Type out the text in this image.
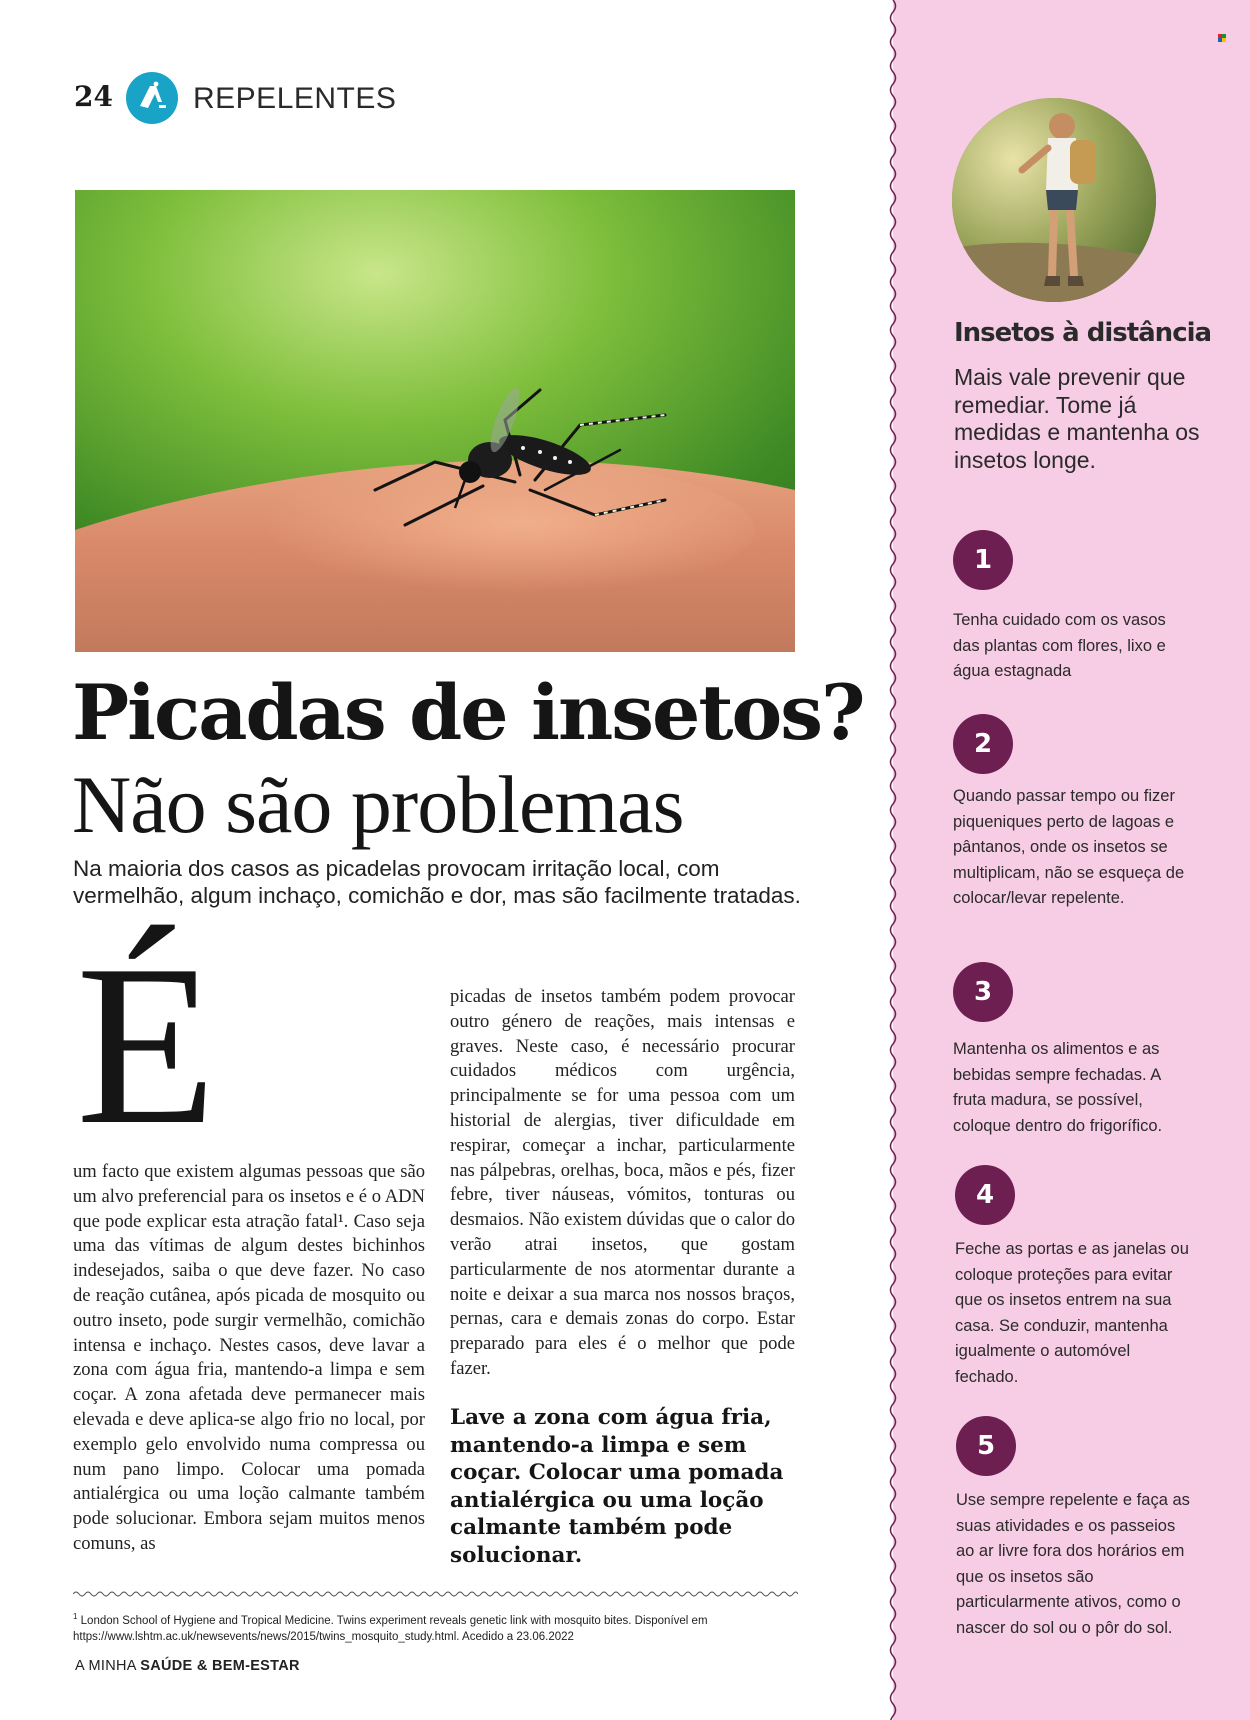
24	REPELENTES
Picadas de insetos?
Não são problemas
Na maioria dos casos as picadelas provocam irritação local, com vermelhão, algum inchaço, comichão e dor, mas são facilmente tratadas.
É

um facto que existem algumas pessoas que são um alvo preferencial para os insetos e é o ADN que pode explicar esta atração fatal¹. Caso seja uma das vítimas de algum destes bichinhos indesejados, saiba o que deve fazer. No caso de reação cutânea, após picada de mosquito ou outro inseto, pode surgir vermelhão, comichão intensa e inchaço. Nestes casos, deve lavar a zona com água fria, mantendo-a limpa e sem coçar. A zona afetada deve permanecer mais elevada e deve aplica-se algo frio no local, por exemplo gelo envolvido numa compressa ou num pano limpo. Colocar uma pomada antialérgica ou uma loção calmante também pode solucionar. Embora sejam muitos menos comuns, as

picadas de insetos também podem provocar outro género de reações, mais intensas e graves. Neste caso, é necessário procurar cuidados médicos com urgência, principalmente se for uma pessoa com um historial de alergias, tiver dificuldade em respirar, começar a inchar, particularmente nas pálpebras, orelhas, boca, mãos e pés, fizer febre, tiver náuseas, vómitos, tonturas ou desmaios. Não existem dúvidas que o calor do verão atrai insetos, que gostam particularmente de nos atormentar durante a noite e deixar a sua marca nos nossos braços, pernas, cara e demais zonas do corpo. Estar preparado para eles é o melhor que pode fazer.

Lave a zona com água fria, mantendo-a limpa e sem coçar. Colocar uma pomada antialérgica ou uma loção calmante também pode solucionar.
$^1$ London School of Hygiene and Tropical Medicine. Twins experiment reveals genetic link with mosquito bites. Disponível em https://www.lshtm.ac.uk/newsevents/news/2015/twins_mosquito_study.html. Acedido a 23.06.2022
A MINHA SAÚDE & BEM-ESTAR
Insetos à distância
Mais vale prevenir que remediar. Tome já medidas e mantenha os insetos longe.
1
Tenha cuidado com os vasos das plantas com flores, lixo e água estagnada
2
Quando passar tempo ou fizer piqueniques perto de lagoas e pântanos, onde os insetos se multiplicam, não se esqueça de colocar/levar repelente.
3
Mantenha os alimentos e as bebidas sempre fechadas. A fruta madura, se possível, coloque dentro do frigorífico.
4
Feche as portas e as janelas ou coloque proteções para evitar que os insetos entrem na sua casa. Se conduzir, mantenha igualmente o automóvel fechado.
5
Use sempre repelente e faça as suas atividades e os passeios ao ar livre fora dos horários em que os insetos são particularmente ativos, como o nascer do sol ou o pôr do sol.
